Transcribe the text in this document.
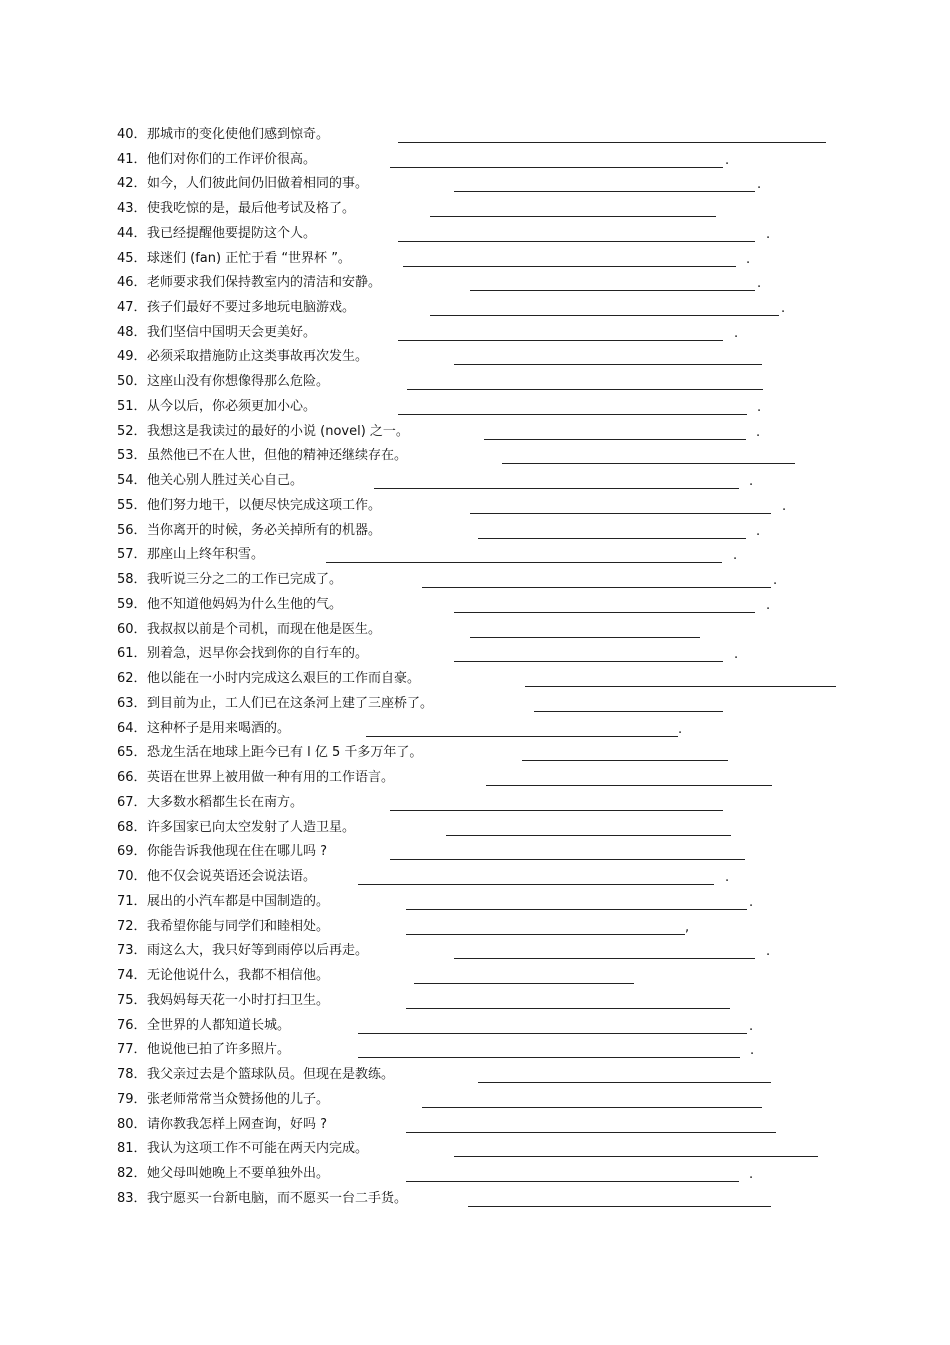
40． 那城市的变化使他们感到惊奇。
41． 他们对你们的工作评价很高。	.
42． 如今，人们彼此间仍旧做着相同的事。	.
43． 使我吃惊的是，最后他考试及格了。
44． 我已经提醒他要提防这个人。	.
45． 球迷们 (fan) 正忙于看 “世界杯 ”。	.
46． 老师要求我们保持教室内的清洁和安静。	.
47． 孩子们最好不要过多地玩电脑游戏。	.
48． 我们坚信中国明天会更美好。	.
49． 必须采取措施防止这类事故再次发生。
50． 这座山没有你想像得那么危险。
51． 从今以后，你必须更加小心。	.
52． 我想这是我读过的最好的小说 (novel) 之一。	.
53． 虽然他已不在人世，但他的精神还继续存在。
54． 他关心别人胜过关心自己。	.
55． 他们努力地干，以便尽快完成这项工作。	.
56． 当你离开的时候，务必关掉所有的机器。	.
57． 那座山上终年积雪。	.
58． 我听说三分之二的工作已完成了。	.
59． 他不知道他妈妈为什么生他的气。	.
60． 我叔叔以前是个司机，而现在他是医生。
61． 别着急，迟早你会找到你的自行车的。	.
62． 他以能在一小时内完成这么艰巨的工作而自豪。
63． 到目前为止，工人们已在这条河上建了三座桥了。
64． 这种杯子是用来喝酒的。	.
65． 恐龙生活在地球上距今已有 l 亿 5 千多万年了。
66． 英语在世界上被用做一种有用的工作语言。
67． 大多数水稻都生长在南方。
68． 许多国家已向太空发射了人造卫星。
69． 你能告诉我他现在住在哪儿吗 ?
70． 他不仅会说英语还会说法语。	.
71． 展出的小汽车都是中国制造的。	.
72． 我希望你能与同学们和睦相处。	,
73． 雨这么大，我只好等到雨停以后再走。	.
74． 无论他说什么，我都不相信他。
75． 我妈妈每天花一小时打扫卫生。
76． 全世界的人都知道长城。	.
77． 他说他已拍了许多照片。	.
78． 我父亲过去是个篮球队员。但现在是教练。
79． 张老师常常当众赞扬他的儿子。
80． 请你教我怎样上网查询，好吗 ?
81． 我认为这项工作不可能在两天内完成。
82． 她父母叫她晚上不要单独外出。	.
83． 我宁愿买一台新电脑，而不愿买一台二手货。
